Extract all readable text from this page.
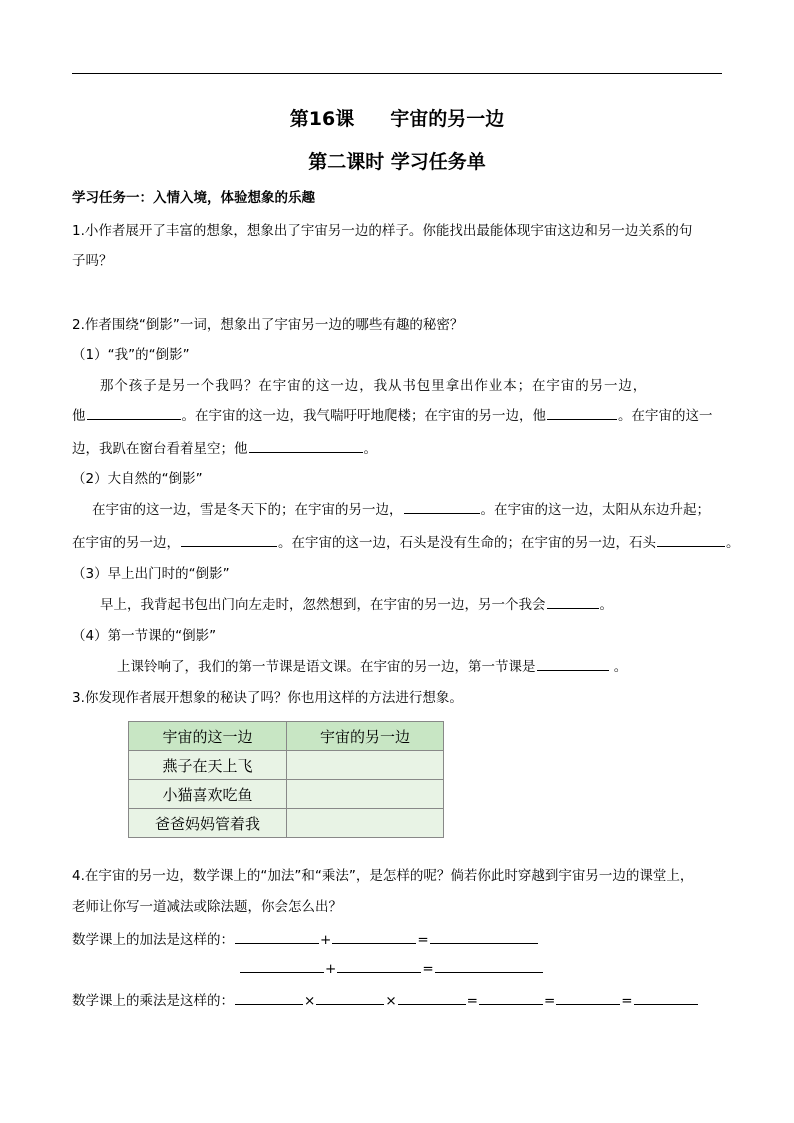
第16课 宇宙的另一边
第二课时 学习任务单
学习任务一：入情入境，体验想象的乐趣
1.小作者展开了丰富的想象，想象出了宇宙另一边的样子。你能找出最能体现宇宙这边和另一边关系的句
子吗？
2.作者围绕“倒影”一词，想象出了宇宙另一边的哪些有趣的秘密？
（1）“我”的“倒影”
那个孩子是另一个我吗？在宇宙的这一边，我从书包里拿出作业本；在宇宙的另一边，
他	。在宇宙的这一边，我气喘吁吁地爬楼；在宇宙的另一边，他	。在宇宙的这一
边，我趴在窗台看着星空；他	。
（2）大自然的“倒影”
在宇宙的这一边，雪是冬天下的；在宇宙的另一边，	。在宇宙的这一边，太阳从东边升起；
在宇宙的另一边，	。在宇宙的这一边，石头是没有生命的；在宇宙的另一边，石头	。
（3）早上出门时的“倒影”
早上，我背起书包出门向左走时，忽然想到，在宇宙的另一边，另一个我会	。
（4）第一节课的“倒影”
上课铃响了，我们的第一节课是语文课。在宇宙的另一边，第一节课是	。
3.你发现作者展开想象的秘诀了吗？你也用这样的方法进行想象。
宇宙的这一边	宇宙的另一边
燕子在天上飞	
小猫喜欢吃鱼	
爸爸妈妈管着我	
4.在宇宙的另一边，数学课上的“加法”和“乘法”，是怎样的呢？倘若你此时穿越到宇宙另一边的课堂上，
老师让你写一道减法或除法题，你会怎么出？
数学课上的加法是这样的：	+	=
+	=
数学课上的乘法是这样的：	×	×	=	=	=
